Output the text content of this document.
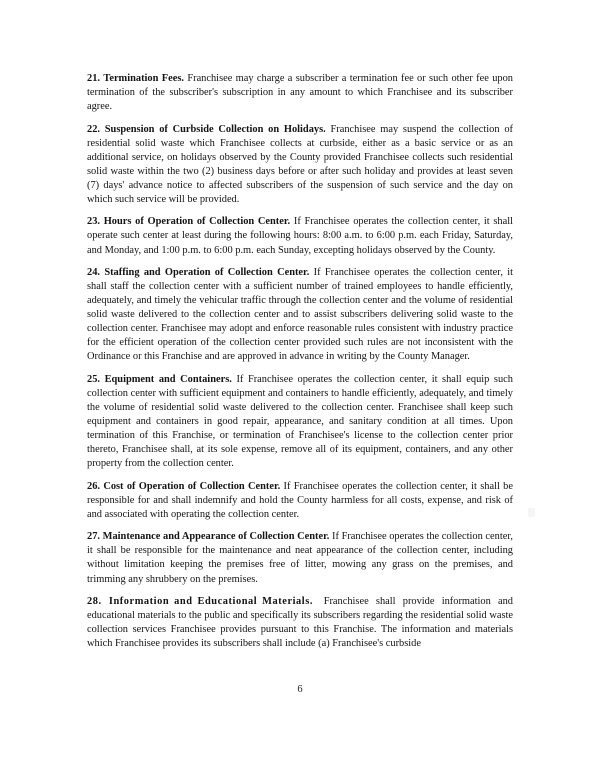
21. Termination Fees. Franchisee may charge a subscriber a termination fee or such other fee upon termination of the subscriber's subscription in any amount to which Franchisee and its subscriber agree.

22. Suspension of Curbside Collection on Holidays. Franchisee may suspend the collection of residential solid waste which Franchisee collects at curbside, either as a basic service or as an additional service, on holidays observed by the County provided Franchisee collects such residential solid waste within the two (2) business days before or after such holiday and provides at least seven (7) days' advance notice to affected subscribers of the suspension of such service and the day on which such service will be provided.

23. Hours of Operation of Collection Center. If Franchisee operates the collection center, it shall operate such center at least during the following hours: 8:00 a.m. to 6:00 p.m. each Friday, Saturday, and Monday, and 1:00 p.m. to 6:00 p.m. each Sunday, excepting holidays observed by the County.

24. Staffing and Operation of Collection Center. If Franchisee operates the collection center, it shall staff the collection center with a sufficient number of trained employees to handle efficiently, adequately, and timely the vehicular traffic through the collection center and the volume of residential solid waste delivered to the collection center and to assist subscribers delivering solid waste to the collection center. Franchisee may adopt and enforce reasonable rules consistent with industry practice for the efficient operation of the collection center provided such rules are not inconsistent with the Ordinance or this Franchise and are approved in advance in writing by the County Manager.

25. Equipment and Containers. If Franchisee operates the collection center, it shall equip such collection center with sufficient equipment and containers to handle efficiently, adequately, and timely the volume of residential solid waste delivered to the collection center. Franchisee shall keep such equipment and containers in good repair, appearance, and sanitary condition at all times. Upon termination of this Franchise, or termination of Franchisee's license to the collection center prior thereto, Franchisee shall, at its sole expense, remove all of its equipment, containers, and any other property from the collection center.

26. Cost of Operation of Collection Center. If Franchisee operates the collection center, it shall be responsible for and shall indemnify and hold the County harmless for all costs, expense, and risk of and associated with operating the collection center.

27. Maintenance and Appearance of Collection Center. If Franchisee operates the collection center, it shall be responsible for the maintenance and neat appearance of the collection center, including without limitation keeping the premises free of litter, mowing any grass on the premises, and trimming any shrubbery on the premises.

28. Information and Educational Materials. Franchisee shall provide information and educational materials to the public and specifically its subscribers regarding the residential solid waste collection services Franchisee provides pursuant to this Franchise. The information and materials which Franchisee provides its subscribers shall include (a) Franchisee's curbside

6
